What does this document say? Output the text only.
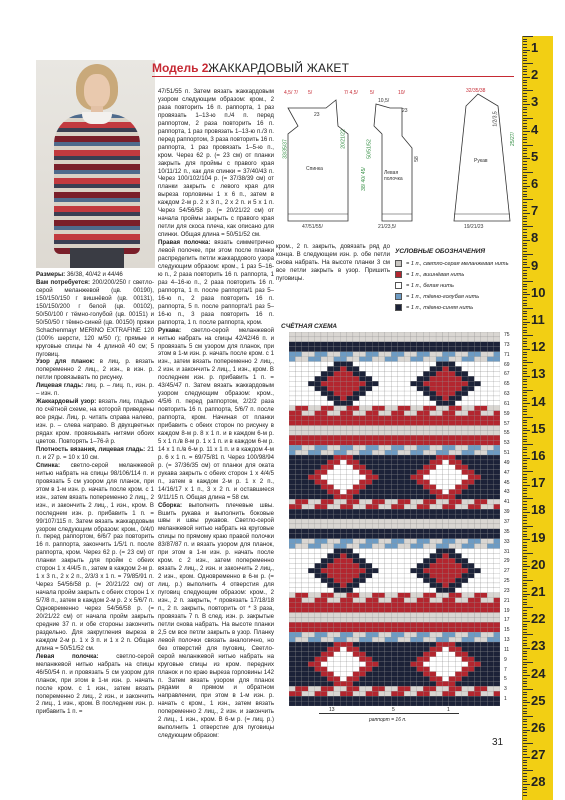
Модель 2.
ЖАККАРДОВЫЙ ЖАКЕТ

Размеры: 36/38, 40/42 и 44/46

Вам потребуется: 200/200/250 г светло-серой меланжевой (цв. 00190), 150/150/150 г вишнёвой (цв. 00131), 150/150/200 г белой (цв. 00102), 50/50/100 г тёмно-голубой (цв. 00151) и 50/50/50 г тёмно-синей (цв. 00150) пряжи Schachenmayr MERINO EXTRAFINE 120 (100% шерсти, 120 м/50 г); прямые и круговые спицы № 4 длиной 40 см; 5 пуговиц.

Узор для планок: в лиц. р. вязать попеременно 2 лиц., 2 изн., в изн. р. петли провязывать по рисунку.

Лицевая гладь: лиц. р. – лиц. п., изн. р. – изн. п.

Жаккардовый узор: вязать лиц. гладью по счётной схеме, на которой приведены все ряды. Лиц. р. читать справа налево, изн. р. – слева направо. В двухцветных рядах кром. провязывать нитями обоих цветов. Повторять 1–76-й р.

Плотность вязания, лицевая гладь: 21 п. и 27 р. = 10 х 10 см.

Спинка: светло-серой меланжевой нитью набрать на спицы 98/106/114 п. и провязать 5 см узором для планок, при этом в 1-м изн. р. начать после кром. с 1 изн., затем вязать попеременно 2 лиц., 2 изн., и закончить 2 лиц., 1 изн., кром. В последнем изн. р. прибавить 1 п. = 99/107/115 п. Затем вязать жаккардовым узором следующим образом: кром., 0/4/0 п. перед раппортом, 6/6/7 раз повторить 16 п. раппорта, закончить 1/5/1 п. после раппорта, кром. Через 62 р. (= 23 см) от планки закрыть для пройм с обеих сторон 1 х 4/4/5 п., затем в каждом 2-м р. 1 х 3 п., 2 х 2 п., 2/3/3 х 1 п. = 79/85/91 п. Через 54/56/58 р. (= 20/21/22 см) от начала пройм закрыть с обеих сторон 1 х 5/7/8 п., затем в каждом 2-м р. 2 х 5/6/7 п. Одновременно через 54/56/58 р. (= 20/21/22 см) от начала пройм закрыть средние 37 п. и обе стороны закончить раздельно. Для закругления выреза в каждом 2-м р. 1 х 3 п. и 1 х 2 п. Общая длина = 50/51/52 см.

Левая полочка: светло-серой меланжевой нитью набрать на спицы 46/50/54 п. и провязать 5 см узором для планок, при этом в 1-м изн. р. начать после кром. с 1 изн., затем вязать попеременно 2 лиц., 2 изн., и закончить 2 лиц., 1 изн., кром. В последнем изн. р. прибавить 1 п. =

47/51/55 п. Затем вязать жаккардовым узором следующим образом: кром., 2 раза повторить 16 п. раппорта, 1 раз провязать 1–13-ю п./4 п. перед раппортом, 2 раза повторить 16 п. раппорта, 1 раз провязать 1–13-ю п./3 п. перед раппортом, 3 раза повторить 16 п. раппорта, 1 раз провязать 1–5-ю п., кром. Через 62 р. (= 23 см) от планки закрыть для проймы с правого края 10/11/12 п., как для спинки = 37/40/43 п. Через 100/102/104 р. (= 37/38/39 см) от планки закрыть с левого края для выреза горловины 1 х 6 п., затем в каждом 2-м р. 2 х 3 п., 2 х 2 п. и 5 х 1 п. Через 54/56/58 р. (= 20/21/22 см) от начала проймы закрыть с правого края петли для скоса плеча, как описано для спинки. Общая длина = 50/51/52 см.

Правая полочка: вязать симметрично левой полочке, при этом после планки распределить петли жаккардового узора следующим образом: кром., 1 раз 5–16-ю п., 2 раза повторить 16 п. раппорта, 1 раз 4–16-ю п., 2 раза повторить 16 п. раппорта, 1 п. после раппорта/1 раз 5–16-ю п., 2 раза повторить 16 п. раппорта, 5 п. после раппорта/1 раз 5–16-ю п., 3 раза повторить 16 п. раппорта, 1 п. после раппорта, кром.

Рукава: светло-серой меланжевой нитью набрать на спицы 42/42/46 п. и провязать 5 см узором для планок, при этом в 1-м изн. р. начать после кром. с 1 изн., затем вязать попеременно 2 лиц., 2 изн. и закончить 2 лиц., 1 изн., кром. В последнем изн. р. прибавить 1 п. = 43/45/47 п. Затем вязать жаккардовым узором следующим образом: кром., 4/5/6 п. перед раппортом, 2/2/2 раза повторить 16 п. раппорта, 5/6/7 п. после раппорта, кром. Начиная от планки прибавить с обеих сторон по рисунку в каждом 8-м р. 8 х 1 п. и в каждом 6-м р. 5 х 1 п./в 8-м р. 1 х 1 п. и в каждом 6-м р. 14 х 1 п./в 6-м р. 11 х 1 п. и в каждом 4-м р. 6 х 1 п. = 69/75/81 п. Через 100/98/94 р. (= 37/36/35 см) от планки для оката рукава закрыть с обеих сторон 1 х 4/4/5 п., затем в каждом 2-м р. 1 х 2 п., 14/16/17 х 1 п., 3 х 2 п. и оставшиеся 9/11/15 п. Общая длина = 58 см.

Сборка: выполнить плечевые швы. Вшить рукава и выполнить боковые швы и швы рукавов. Светло-серой меланжевой нитью набрать на круговые спицы по прямому краю правой полочки 83/87/87 п. и вязать узором для планок, при этом в 1-м изн. р. начать после кром. с 2 изн., затем попеременно вязать 2 лиц., 2 изн. и закончить 2 лиц., 2 изн., кром. Одновременно в 6-м р. (= лиц. р.) выполнить 4 отверстия для пуговиц следующим образом: кром., 2 изн., 2 п. закрыть, * провязать 17/18/18 п., 2 п. закрыть, повторить от * 3 раза, провязать 7 п. В след. изн. р. закрытые петли снова набрать. На высоте планки 2,5 см все петли закрыть в узор. Планку левой полочки связать аналогично, но без отверстий для пуговиц. Светло-серой меланжевой нитью набрать на круговые спицы из кром. передних планок и по краю выреза горловины 142 п. Затем вязать узором для планок рядами в прямом и обратном направлении, при этом в 1-м изн. р. начать с кром., 1 изн., затем вязать попеременно 2 лиц., 2 изн. и закончить 2 лиц., 1 изн., кром. В 6-м р. (= лиц. р.) выполнить 1 отверстие для пуговицы следующим образом:

кром., 2 п. закрыть, довязать ряд до конца. В следующем изн. р. обе петли снова набрать. На высоте планки 3 см все петли закрыть в узор. Пришить пуговицы.

Спинка
Левая полочка
Рукав
4,5/ 7/ 5/	7/ 4,5/ 5/	10/
10,5/
23
23
32/35/38
58
19/21/23
21/23,5/
25/27/
47/51/55/
38/ 40/ 45/
20/21/22
33/35/37	50/51/52
1/2/3,5
УСЛОВНЫЕ ОБОЗНАЧЕНИЯ
= 1 п., светло-серая меланжевая нить
= 1 п., вишнёвая нить
= 1 п., белая нить
= 1 п., тёмно-голубая нить
= 1 п., тёмно-синяя нить
СЧЁТНАЯ СХЕМА
75
73
71
69
67
65
63
61
59
57
55
53
51
49
47
45
43
41
39
37
35
33
31
29
27
25
23
21
19
17
15
13
11
9
7
5
3
1
13	5	1
раппорт = 16 п.
1
2
3
4
5
6
7
8
9
10
11
12
13
14
15
16
17
18
19
20
21
22
23
24
25
26
27
28
31
